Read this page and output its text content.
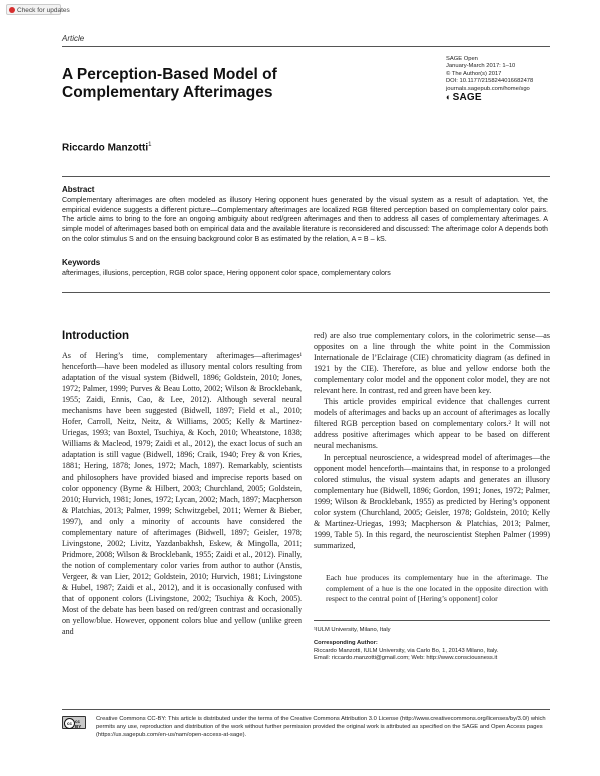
Check for updates
Article
A Perception-Based Model of Complementary Afterimages
SAGE Open
January-March 2017: 1–10
© The Author(s) 2017
DOI: 10.1177/2158244016682478
journals.sagepub.com/home/sgo
◐SAGE
Riccardo Manzotti$^1$
Abstract
Complementary afterimages are often modeled as illusory Hering opponent hues generated by the visual system as a result of adaptation. Yet, the empirical evidence suggests a different picture—Complementary afterimages are localized RGB filtered perception based on complementary color pairs. The article aims to bring to the fore an ongoing ambiguity about red/green afterimages and then to address all cases of complementary afterimages. A simple model of afterimages based both on empirical data and the available literature is reconsidered and discussed: The afterimage color A depends both on the color stimulus S and on the ensuing background color B as estimated by the relation, A = B – kS.
Keywords
afterimages, illusions, perception, RGB color space, Hering opponent color space, complementary colors
Introduction

As of Hering’s time, complementary afterimages—afterimages¹ henceforth—have been modeled as illusory mental colors resulting from adaptation of the visual system (Bidwell, 1896; Goldstein, 2010; Jones, 1972; Palmer, 1999; Purves & Beau Lotto, 2002; Wilson & Brocklebank, 1955; Zaidi, Ennis, Cao, & Lee, 2012). Although several neural mechanisms have been suggested (Bidwell, 1897; Field et al., 2010; Hofer, Carroll, Neitz, Neitz, & Williams, 2005; Kelly & Martinez-Uriegas, 1993; van Boxtel, Tsuchiya, & Koch, 2010; Wheatstone, 1838; Williams & Macleod, 1979; Zaidi et al., 2012), the exact locus of such an adaptation is still vague (Bidwell, 1896; Craik, 1940; Frey & von Kries, 1881; Hering, 1878; Jones, 1972; Mach, 1897). Remarkably, scientists and philosophers have provided biased and imprecise reports based on color opponency (Byrne & Hilbert, 2003; Churchland, 2005; Goldstein, 2010; Hurvich, 1981; Jones, 1972; Lycan, 2002; Mach, 1897; Macpherson & Platchias, 2013; Palmer, 1999; Schwitzgebel, 2011; Werner & Bieber, 1997), and only a minority of accounts have considered the complementary nature of afterimages (Bidwell, 1897; Geisler, 1978; Livingstone, 2002; Livitz, Yazdanbakhsh, Eskew, & Mingolla, 2011; Pridmore, 2008; Wilson & Brocklebank, 1955; Zaidi et al., 2012). Finally, the notion of complementary color varies from author to author (Anstis, Vergeer, & van Lier, 2012; Goldstein, 2010; Hurvich, 1981; Livingstone & Hubel, 1987; Zaidi et al., 2012), and it is occasionally confused with that of opponent colors (Livingstone, 2002; Tsuchiya & Koch, 2005). Most of the debate has been based on red/green contrast and occasionally on yellow/blue. However, opponent colors blue and yellow (unlike green and

red) are also true complementary colors, in the colorimetric sense—as opposites on a line through the white point in the Commission Internationale de l’Eclairage (CIE) chromaticity diagram (as defined in 1921 by the CIE). Therefore, as blue and yellow endorse both the complementary color model and the opponent color model, they are not relevant here. In contrast, red and green have been key.

This article provides empirical evidence that challenges current models of afterimages and backs up an account of afterimages as locally filtered RGB perception based on complementary colors.² It will not address positive afterimages which appear to be based on different neural mechanisms.

In perceptual neuroscience, a widespread model of afterimages—the opponent model henceforth—maintains that, in response to a prolonged colored stimulus, the visual system adapts and generates an illusory complementary hue (Bidwell, 1896; Gordon, 1991; Jones, 1972; Palmer, 1999; Wilson & Brocklebank, 1955) as predicted by Hering’s opponent color system (Churchland, 2005; Geisler, 1978; Goldstein, 2010; Kelly & Martinez-Uriegas, 1993; Macpherson & Platchias, 2013; Palmer, 1999, Table 5). In this regard, the neuroscientist Stephen Palmer (1999) summarized,

Each hue produces its complementary hue in the afterimage. The complement of a hue is the one located in the opposite direction with respect to the central point of [Hering’s opponent] color
¹IULM University, Milano, Italy
Corresponding Author:
Riccardo Manzotti, IULM University, via Carlo Bo, 1, 20143 Milano, Italy.
Email: riccardo.manzotti@gmail.com; Web: http://www.consciousness.it
cc cc BY
Creative Commons CC-BY: This article is distributed under the terms of the Creative Commons Attribution 3.0 License (http://www.creativecommons.org/licenses/by/3.0/) which permits any use, reproduction and distribution of the work without further permission provided the original work is attributed as specified on the SAGE and Open Access pages (https://us.sagepub.com/en-us/nam/open-access-at-sage).
